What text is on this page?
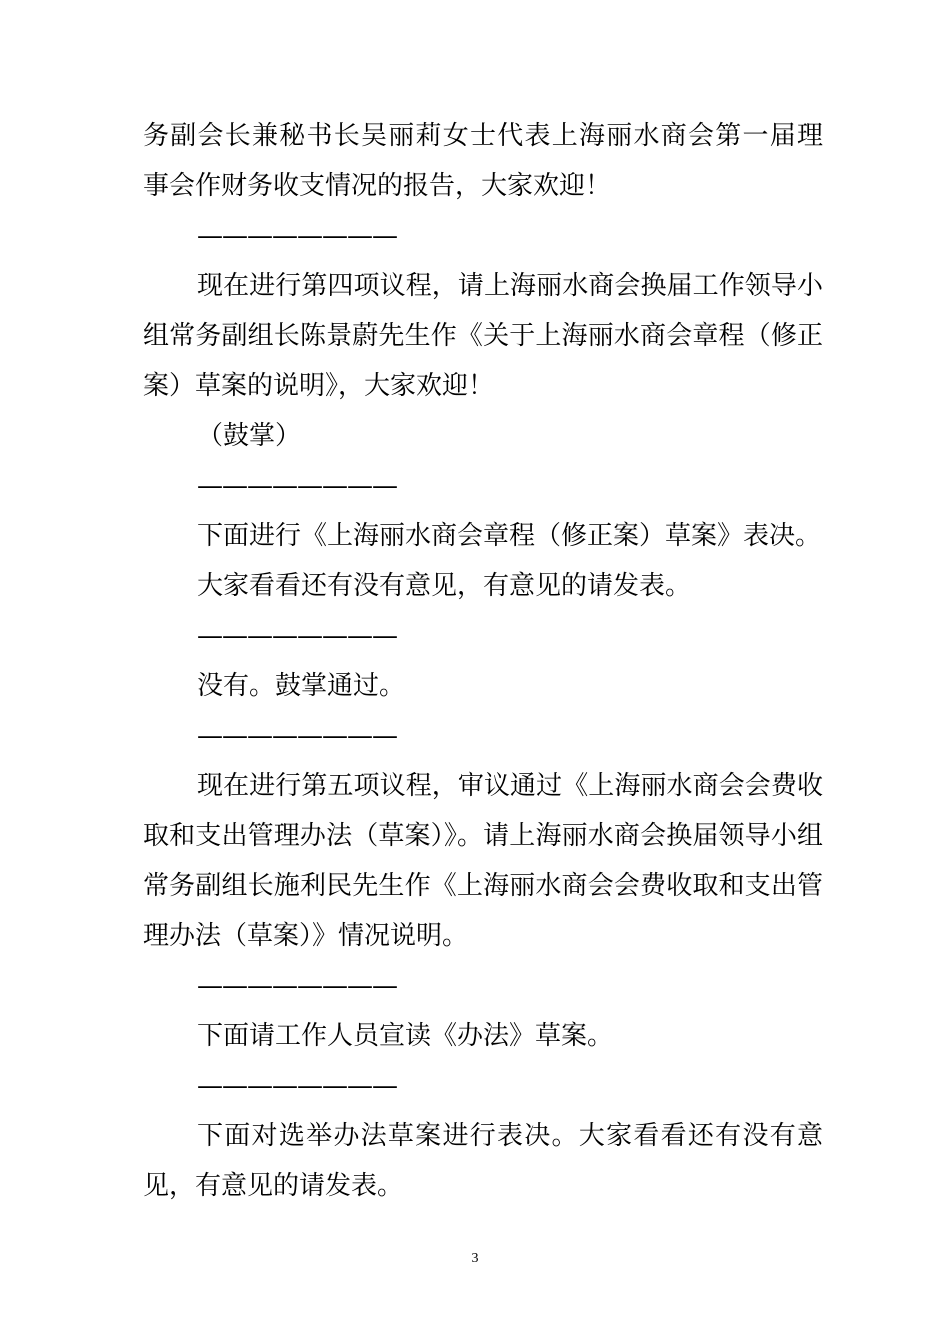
务副会长兼秘书长吴丽莉女士代表上海丽水商会第一届理
事会作财务收支情况的报告，大家欢迎！
————————
现在进行第四项议程，请上海丽水商会换届工作领导小
组常务副组长陈景蔚先生作《关于上海丽水商会章程（修正
案）草案的说明》，大家欢迎！
（鼓掌）
————————
下面进行《上海丽水商会章程（修正案）草案》表决。
大家看看还有没有意见，有意见的请发表。
————————
没有。鼓掌通过。
————————
现在进行第五项议程，审议通过《上海丽水商会会费收
取和支出管理办法（草案）》。请上海丽水商会换届领导小组
常务副组长施利民先生作《上海丽水商会会费收取和支出管
理办法（草案）》情况说明。
————————
下面请工作人员宣读《办法》草案。
————————
下面对选举办法草案进行表决。大家看看还有没有意
见，有意见的请发表。
3
